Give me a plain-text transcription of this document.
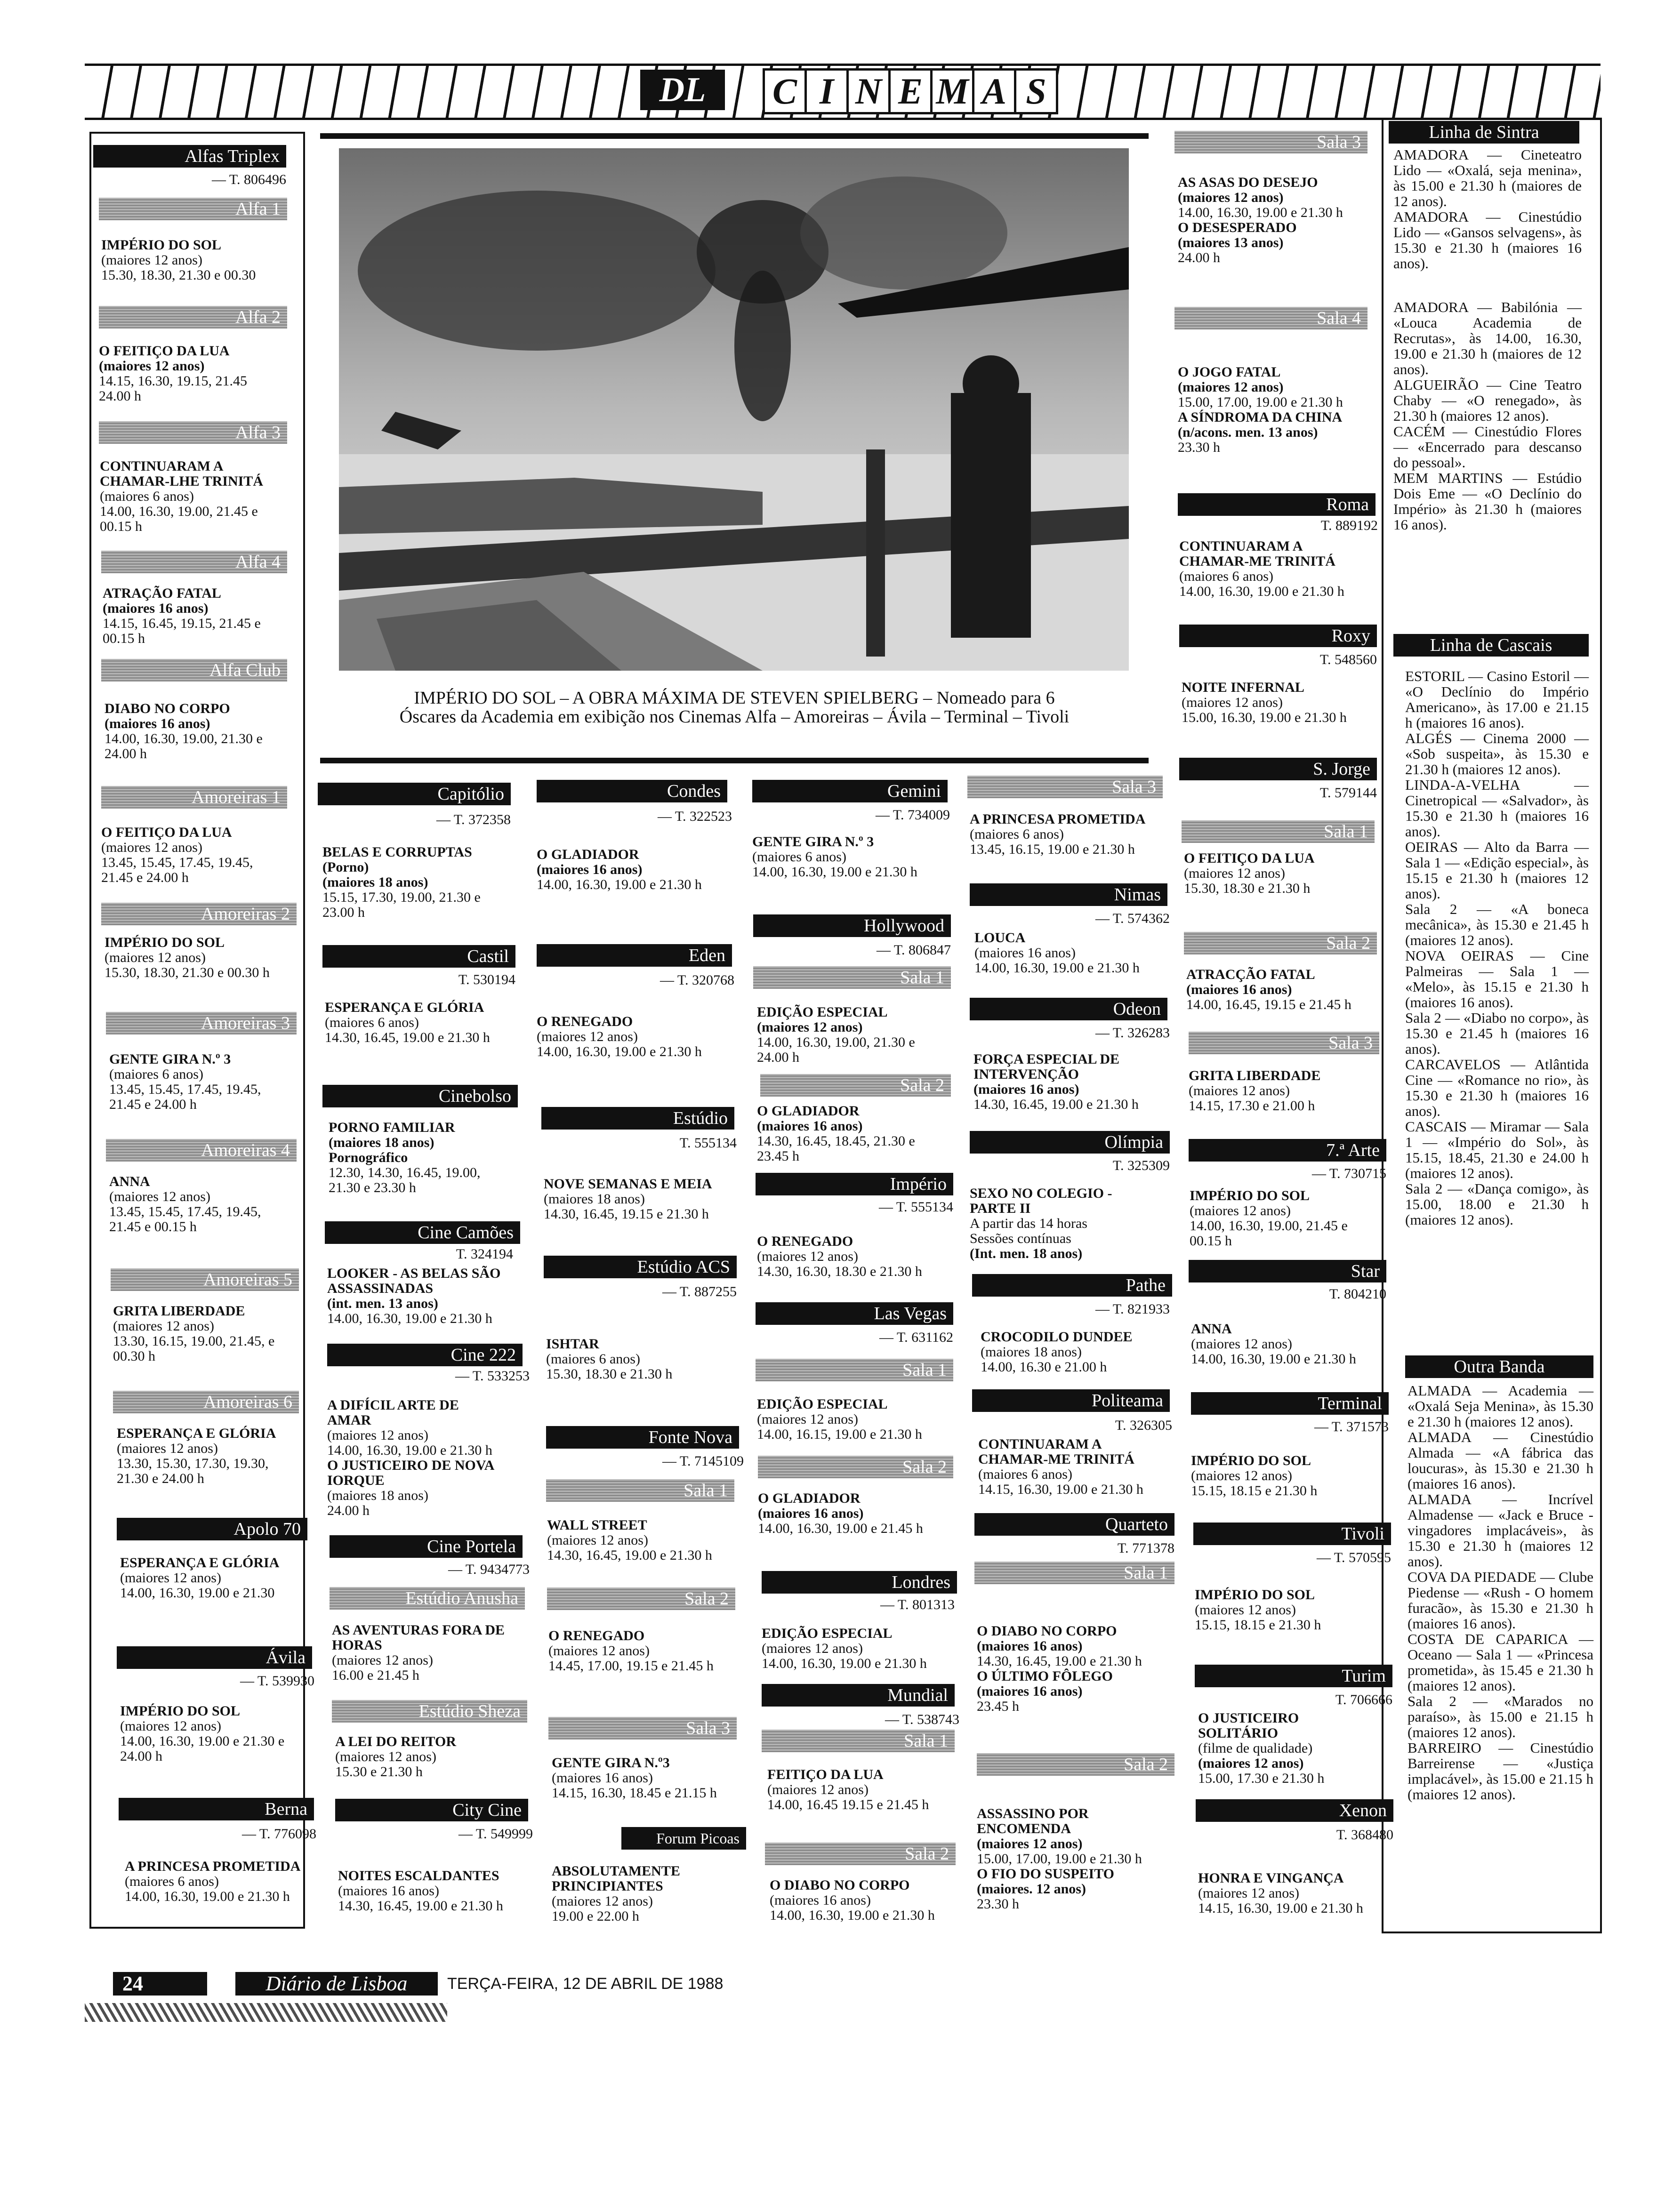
DL	C I N E M A S
IMPÉRIO DO SOL – A OBRA MÁXIMA DE STEVEN SPIELBERG – Nomeado para 6
Óscares da Academia em exibição nos Cinemas Alfa – Amoreiras – Ávila – Terminal – Tivoli
Alfas Triplex
— T. 806496
Alfa 1
IMPÉRIO DO SOL
(maiores 12 anos)
15.30, 18.30, 21.30 e 00.30
Alfa 2
O FEITIÇO DA LUA
(maiores 12 anos)
14.15, 16.30, 19.15, 21.45
24.00 h
Alfa 3
CONTINUARAM A
CHAMAR-LHE TRINITÁ
(maiores 6 anos)
14.00, 16.30, 19.00, 21.45 e
00.15 h
Alfa 4
ATRAÇÃO FATAL
(maiores 16 anos)
14.15, 16.45, 19.15, 21.45 e
00.15 h
Alfa Club
DIABO NO CORPO
(maiores 16 anos)
14.00, 16.30, 19.00, 21.30 e
24.00 h
Amoreiras 1
O FEITIÇO DA LUA
(maiores 12 anos)
13.45, 15.45, 17.45, 19.45,
21.45 e 24.00 h
Amoreiras 2
IMPÉRIO DO SOL
(maiores 12 anos)
15.30, 18.30, 21.30 e 00.30 h
Amoreiras 3
GENTE GIRA N.º 3
(maiores 6 anos)
13.45, 15.45, 17.45, 19.45,
21.45 e 24.00 h
Amoreiras 4
ANNA
(maiores 12 anos)
13.45, 15.45, 17.45, 19.45,
21.45 e 00.15 h
Amoreiras 5
GRITA LIBERDADE
(maiores 12 anos)
13.30, 16.15, 19.00, 21.45, e
00.30 h
Amoreiras 6
ESPERANÇA E GLÓRIA
(maiores 12 anos)
13.30, 15.30, 17.30, 19.30,
21.30 e 24.00 h
Apolo 70
ESPERANÇA E GLÓRIA
(maiores 12 anos)
14.00, 16.30, 19.00 e 21.30
Ávila
— T. 539930
IMPÉRIO DO SOL
(maiores 12 anos)
14.00, 16.30, 19.00 e 21.30 e
24.00 h
Berna
— T. 776098
A PRINCESA PROMETIDA
(maiores 6 anos)
14.00, 16.30, 19.00 e 21.30 h
Capitólio
— T. 372358
BELAS E CORRUPTAS
(Porno)
(maiores 18 anos)
15.15, 17.30, 19.00, 21.30 e
23.00 h
Castil
T. 530194
ESPERANÇA E GLÓRIA
(maiores 6 anos)
14.30, 16.45, 19.00 e 21.30 h
Cinebolso
PORNO FAMILIAR
(maiores 18 anos)
Pornográfico
12.30, 14.30, 16.45, 19.00,
21.30 e 23.30 h
Cine Camões
T. 324194
LOOKER - AS BELAS SÃO
ASSASSINADAS
(int. men. 13 anos)
14.00, 16.30, 19.00 e 21.30 h
Cine 222
— T. 533253
A DIFÍCIL ARTE DE
AMAR
(maiores 12 anos)
14.00, 16.30, 19.00 e 21.30 h
O JUSTICEIRO DE NOVA
IORQUE
(maiores 18 anos)
24.00 h
Cine Portela
— T. 9434773
Estúdio Anusha
AS AVENTURAS FORA DE
HORAS
(maiores 12 anos)
16.00 e 21.45 h
Estúdio Sheza
A LEI DO REITOR
(maiores 12 anos)
15.30 e 21.30 h
City Cine
— T. 549999
NOITES ESCALDANTES
(maiores 16 anos)
14.30, 16.45, 19.00 e 21.30 h
Condes
— T. 322523
O GLADIADOR
(maiores 16 anos)
14.00, 16.30, 19.00 e 21.30 h
Eden
— T. 320768
O RENEGADO
(maiores 12 anos)
14.00, 16.30, 19.00 e 21.30 h
Estúdio
T. 555134
NOVE SEMANAS E MEIA
(maiores 18 anos)
14.30, 16.45, 19.15 e 21.30 h
Estúdio ACS
— T. 887255
ISHTAR
(maiores 6 anos)
15.30, 18.30 e 21.30 h
Fonte Nova
— T. 7145109
Sala 1
WALL STREET
(maiores 12 anos)
14.30, 16.45, 19.00 e 21.30 h
Sala 2
O RENEGADO
(maiores 12 anos)
14.45, 17.00, 19.15 e 21.45 h
Sala 3
GENTE GIRA N.º3
(maiores 16 anos)
14.15, 16.30, 18.45 e 21.15 h
Forum Picoas
ABSOLUTAMENTE
PRINCIPIANTES
(maiores 12 anos)
19.00 e 22.00 h
Gemini
— T. 734009
GENTE GIRA N.º 3
(maiores 6 anos)
14.00, 16.30, 19.00 e 21.30 h
Hollywood
— T. 806847
Sala 1
EDIÇÃO ESPECIAL
(maiores 12 anos)
14.00, 16.30, 19.00, 21.30 e
24.00 h
Sala 2
O GLADIADOR
(maiores 16 anos)
14.30, 16.45, 18.45, 21.30 e
23.45 h
Império
— T. 555134
O RENEGADO
(maiores 12 anos)
14.30, 16.30, 18.30 e 21.30 h
Las Vegas
— T. 631162
Sala 1
EDIÇÃO ESPECIAL
(maiores 12 anos)
14.00, 16.15, 19.00 e 21.30 h
Sala 2
O GLADIADOR
(maiores 16 anos)
14.00, 16.30, 19.00 e 21.45 h
Londres
— T. 801313
EDIÇÃO ESPECIAL
(maiores 12 anos)
14.00, 16.30, 19.00 e 21.30 h
Mundial
— T. 538743
Sala 1
FEITIÇO DA LUA
(maiores 12 anos)
14.00, 16.45 19.15 e 21.45 h
Sala 2
O DIABO NO CORPO
(maiores 16 anos)
14.00, 16.30, 19.00 e 21.30 h
Sala 3
A PRINCESA PROMETIDA
(maiores 6 anos)
13.45, 16.15, 19.00 e 21.30 h
Nimas
— T. 574362
LOUCA
(maiores 16 anos)
14.00, 16.30, 19.00 e 21.30 h
Odeon
— T. 326283
FORÇA ESPECIAL DE
INTERVENÇÃO
(maiores 16 anos)
14.30, 16.45, 19.00 e 21.30 h
Olímpia
T. 325309
SEXO NO COLEGIO -
PARTE II
A partir das 14 horas
Sessões contínuas
(Int. men. 18 anos)
Pathe
— T. 821933
CROCODILO DUNDEE
(maiores 18 anos)
14.00, 16.30 e 21.00 h
Politeama
T. 326305
CONTINUARAM A
CHAMAR-ME TRINITÁ
(maiores 6 anos)
14.15, 16.30, 19.00 e 21.30 h
Quarteto
T. 771378
Sala 1
O DIABO NO CORPO
(maiores 16 anos)
14.30, 16.45, 19.00 e 21.30 h
O ÚLTIMO FÔLEGO
(maiores 16 anos)
23.45 h
Sala 2
ASSASSINO POR
ENCOMENDA
(maiores 12 anos)
15.00, 17.00, 19.00 e 21.30 h
O FIO DO SUSPEITO
(maiores. 12 anos)
23.30 h
Sala 3
AS ASAS DO DESEJO
(maiores 12 anos)
14.00, 16.30, 19.00 e 21.30 h
O DESESPERADO
(maiores 13 anos)
24.00 h
Sala 4
O JOGO FATAL
(maiores 12 anos)
15.00, 17.00, 19.00 e 21.30 h
A SÍNDROMA DA CHINA
(n/acons. men. 13 anos)
23.30 h
Roma
T. 889192
CONTINUARAM A
CHAMAR-ME TRINITÁ
(maiores 6 anos)
14.00, 16.30, 19.00 e 21.30 h
Roxy
T. 548560
NOITE INFERNAL
(maiores 12 anos)
15.00, 16.30, 19.00 e 21.30 h
S. Jorge
T. 579144
Sala 1
O FEITIÇO DA LUA
(maiores 12 anos)
15.30, 18.30 e 21.30 h
Sala 2
ATRACÇÃO FATAL
(maiores 16 anos)
14.00, 16.45, 19.15 e 21.45 h
Sala 3
GRITA LIBERDADE
(maiores 12 anos)
14.15, 17.30 e 21.00 h
7.ª Arte
— T. 730715
IMPÉRIO DO SOL
(maiores 12 anos)
14.00, 16.30, 19.00, 21.45 e
00.15 h
Star
T. 804210
ANNA
(maiores 12 anos)
14.00, 16.30, 19.00 e 21.30 h
Terminal
— T. 371573
IMPÉRIO DO SOL
(maiores 12 anos)
15.15, 18.15 e 21.30 h
Tivoli
— T. 570595
IMPÉRIO DO SOL
(maiores 12 anos)
15.15, 18.15 e 21.30 h
Turim
T. 706666
O JUSTICEIRO
SOLITÁRIO
(filme de qualidade)
(maiores 12 anos)
15.00, 17.30 e 21.30 h
Xenon
T. 368480
HONRA E VINGANÇA
(maiores 12 anos)
14.15, 16.30, 19.00 e 21.30 h
Linha de Sintra

AMADORA — Cineteatro Lido — «Oxalá, seja menina», às 15.00 e 21.30 h (maiores de 12 anos).

AMADORA — Cinestúdio Lido — «Gansos selvagens», às 15.30 e 21.30 h (maiores 16 anos).

AMADORA — Babilónia — «Louca Academia de Recrutas», às 14.00, 16.30, 19.00 e 21.30 h (maiores de 12 anos).

ALGUEIRÃO — Cine Teatro Chaby — «O renegado», às 21.30 h (maiores 12 anos).

CACÉM — Cinestúdio Flores — «Encerrado para descanso do pessoal».

MEM MARTINS — Estúdio Dois Eme — «O Declínio do Império» às 21.30 h (maiores 16 anos).

Linha de Cascais

ESTORIL — Casino Estoril — «O Declínio do Império Americano», às 17.00 e 21.15 h (maiores 16 anos).

ALGÉS — Cinema 2000 — «Sob suspeita», às 15.30 e 21.30 h (maiores 12 anos).

LINDA-A-VELHA — Cinetropical — «Salvador», às 15.30 e 21.30 h (maiores 16 anos).

OEIRAS — Alto da Barra — Sala 1 — «Edição especial», às 15.15 e 21.30 h (maiores 12 anos).

Sala 2 — «A boneca mecânica», às 15.30 e 21.45 h (maiores 12 anos).

NOVA OEIRAS — Cine Palmeiras — Sala 1 — «Melo», às 15.15 e 21.30 h (maiores 16 anos).

Sala 2 — «Diabo no corpo», às 15.30 e 21.45 h (maiores 16 anos).

CARCAVELOS — Atlântida Cine — «Romance no rio», às 15.30 e 21.30 h (maiores 16 anos).

CASCAIS — Miramar — Sala 1 — «Império do Sol», às 15.15, 18.45, 21.30 e 24.00 h (maiores 12 anos).

Sala 2 — «Dança comigo», às 15.00, 18.00 e 21.30 h (maiores 12 anos).

Outra Banda

ALMADA — Academia — «Oxalá Seja Menina», às 15.30 e 21.30 h (maiores 12 anos).

ALMADA — Cinestúdio Almada — «A fábrica das loucuras», às 15.30 e 21.30 h (maiores 16 anos).

ALMADA — Incrível Almadense — «Jack e Bruce - vingadores implacáveis», às 15.30 e 21.30 h (maiores 12 anos).

COVA DA PIEDADE — Clube Piedense — «Rush - O homem furacão», às 15.30 e 21.30 h (maiores 16 anos).

COSTA DE CAPARICA — Oceano — Sala 1 — «Princesa prometida», às 15.45 e 21.30 h (maiores 12 anos).

Sala 2 — «Marados no paraíso», às 15.00 e 21.15 h (maiores 12 anos).

BARREIRO — Cinestúdio Barreirense — «Justiça implacável», às 15.00 e 21.15 h (maiores 12 anos).

24	Diário de Lisboa	TERÇA-FEIRA, 12 DE ABRIL DE 1988
